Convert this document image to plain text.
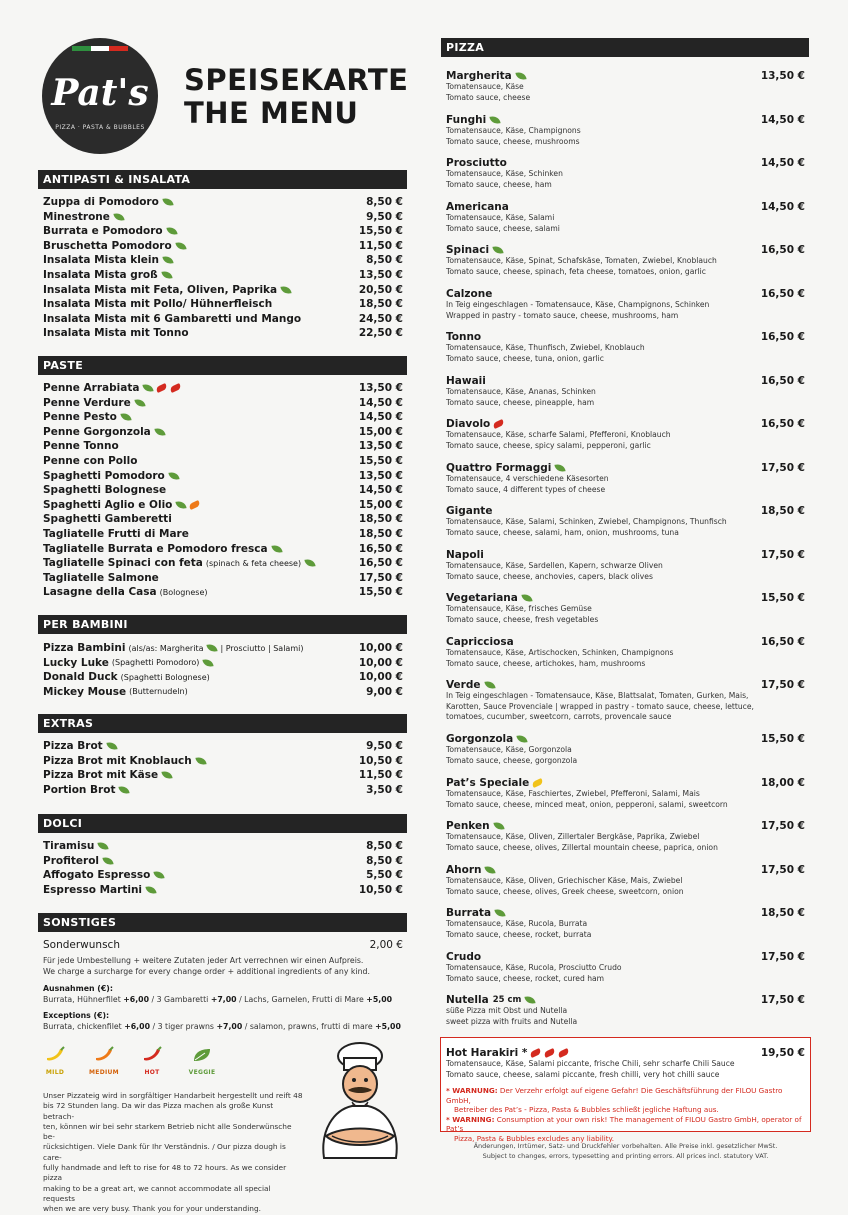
Pat's
PIZZA · PASTA & BUBBLES
SPEISEKARTE
THE MENU
ANTIPASTI & INSALATA
Zuppa di Pomodoro	8,50 €
Minestrone	9,50 €
Burrata e Pomodoro	15,50 €
Bruschetta Pomodoro	11,50 €
Insalata Mista klein	8,50 €
Insalata Mista groß	13,50 €
Insalata Mista mit Feta, Oliven, Paprika	20,50 €
Insalata Mista mit Pollo/ Hühnerfleisch	18,50 €
Insalata Mista mit 6 Gambaretti und Mango	24,50 €
Insalata Mista mit Tonno	22,50 €
PASTE
Penne Arrabiata	13,50 €
Penne Verdure	14,50 €
Penne Pesto	14,50 €
Penne Gorgonzola	15,00 €
Penne Tonno	13,50 €
Penne con Pollo	15,50 €
Spaghetti Pomodoro	13,50 €
Spaghetti Bolognese	14,50 €
Spaghetti Aglio e Olio	15,00 €
Spaghetti Gamberetti	18,50 €
Tagliatelle Frutti di Mare	18,50 €
Tagliatelle Burrata e Pomodoro fresca	16,50 €
Tagliatelle Spinaci con feta (spinach & feta cheese)	16,50 €
Tagliatelle Salmone	17,50 €
Lasagne della Casa (Bolognese)	15,50 €
PER BAMBINI
Pizza Bambini (als/as: Margherita | Prosciutto | Salami)	10,00 €
Lucky Luke (Spaghetti Pomodoro)	10,00 €
Donald Duck (Spaghetti Bolognese)	10,00 €
Mickey Mouse (Butternudeln)	9,00 €
EXTRAS
Pizza Brot	9,50 €
Pizza Brot mit Knoblauch	10,50 €
Pizza Brot mit Käse	11,50 €
Portion Brot	3,50 €
DOLCI
Tiramisu	8,50 €
Profiterol	8,50 €
Affogato Espresso	5,50 €
Espresso Martini	10,50 €
SONSTIGES
Sonderwunsch	2,00 €
Für jede Umbestellung + weitere Zutaten jeder Art verrechnen wir einen Aufpreis.
We charge a surcharge for every change order + additional ingredients of any kind.
Ausnahmen (€):
Burrata, Hühnerfilet +6,00 / 3 Gambaretti +7,00 / Lachs, Garnelen, Frutti di Mare +5,00
Exceptions (€):
Burrata, chickenfilet +6,00 / 3 tiger prawns +7,00 / salamon, prawns, frutti di mare +5,00
MILD	MEDIUM	HOT	VEGGIE
Unser Pizzateig wird in sorgfältiger Handarbeit hergestellt und reift 48
bis 72 Stunden lang. Da wir das Pizza machen als große Kunst betrach-
ten, können wir bei sehr starkem Betrieb nicht alle Sonderwünsche be-
rücksichtigen. Viele Dank für Ihr Verständnis. / Our pizza dough is care-
fully handmade and left to rise for 48 to 72 hours. As we consider pizza
making to be a great art, we cannot accommodate all special requests
when we are very busy. Thank you for your understanding.
PIZZA
Margherita	13,50 €
Tomatensauce, Käse
Tomato sauce, cheese
Funghi	14,50 €
Tomatensauce, Käse, Champignons
Tomato sauce, cheese, mushrooms
Prosciutto	14,50 €
Tomatensauce, Käse, Schinken
Tomato sauce, cheese, ham
Americana	14,50 €
Tomatensauce, Käse, Salami
Tomato sauce, cheese, salami
Spinaci	16,50 €
Tomatensauce, Käse, Spinat, Schafskäse, Tomaten, Zwiebel, Knoblauch
Tomato sauce, cheese, spinach, feta cheese, tomatoes, onion, garlic
Calzone	16,50 €
In Teig eingeschlagen - Tomatensauce, Käse, Champignons, Schinken
Wrapped in pastry - tomato sauce, cheese, mushrooms, ham
Tonno	16,50 €
Tomatensauce, Käse, Thunfisch, Zwiebel, Knoblauch
Tomato sauce, cheese, tuna, onion, garlic
Hawaii	16,50 €
Tomatensauce, Käse, Ananas, Schinken
Tomato sauce, cheese, pineapple, ham
Diavolo	16,50 €
Tomatensauce, Käse, scharfe Salami, Pfefferoni, Knoblauch
Tomato sauce, cheese, spicy salami, pepperoni, garlic
Quattro Formaggi	17,50 €
Tomatensauce, 4 verschiedene Käsesorten
Tomato sauce, 4 different types of cheese
Gigante	18,50 €
Tomatensauce, Käse, Salami, Schinken, Zwiebel, Champignons, Thunfisch
Tomato sauce, cheese, salami, ham, onion, mushrooms, tuna
Napoli	17,50 €
Tomatensauce, Käse, Sardellen, Kapern, schwarze Oliven
Tomato sauce, cheese, anchovies, capers, black olives
Vegetariana	15,50 €
Tomatensauce, Käse, frisches Gemüse
Tomato sauce, cheese, fresh vegetables
Capricciosa	16,50 €
Tomatensauce, Käse, Artischocken, Schinken, Champignons
Tomato sauce, cheese, artichokes, ham, mushrooms
Verde	17,50 €
In Teig eingeschlagen - Tomatensauce, Käse, Blattsalat, Tomaten, Gurken, Mais,
Karotten, Sauce Provenciale | wrapped in pastry - tomato sauce, cheese, lettuce,
tomatoes, cucumber, sweetcorn, carrots, provencale sauce
Gorgonzola	15,50 €
Tomatensauce, Käse, Gorgonzola
Tomato sauce, cheese, gorgonzola
Pat’s Speciale	18,00 €
Tomatensauce, Käse, Faschiertes, Zwiebel, Pfefferoni, Salami, Mais
Tomato sauce, cheese, minced meat, onion, pepperoni, salami, sweetcorn
Penken	17,50 €
Tomatensauce, Käse, Oliven, Zillertaler Bergkäse, Paprika, Zwiebel
Tomato sauce, cheese, olives, Zillertal mountain cheese, paprica, onion
Ahorn	17,50 €
Tomatensauce, Käse, Oliven, Griechischer Käse, Mais, Zwiebel
Tomato sauce, cheese, olives, Greek cheese, sweetcorn, onion
Burrata	18,50 €
Tomatensauce, Käse, Rucola, Burrata
Tomato sauce, cheese, rocket, burrata
Crudo	17,50 €
Tomatensauce, Käse, Rucola, Prosciutto Crudo
Tomato sauce, cheese, rocket, cured ham
Nutella 25 cm	17,50 €
süße Pizza mit Obst und Nutella
sweet pizza with fruits and Nutella
Hot Harakiri *	19,50 €
Tomatensauce, Käse, Salami piccante, frische Chili, sehr scharfe Chili Sauce
Tomato sauce, cheese, salami piccante, fresh chilli, very hot chilli sauce
* WARNUNG: Der Verzehr erfolgt auf eigene Gefahr! Die Geschäftsführung der FILOU Gastro GmbH,
Betreiber des Pat’s - Pizza, Pasta & Bubbles schließt jegliche Haftung aus.
* WARNING: Consumption at your own risk! The management of FILOU Gastro GmbH, operator of Pat’s
Pizza, Pasta & Bubbles excludes any liability.
Änderungen, Irrtümer, Satz- und Druckfehler vorbehalten. Alle Preise inkl. gesetzlicher MwSt.
Subject to changes, errors, typesetting and printing errors. All prices incl. statutory VAT.
